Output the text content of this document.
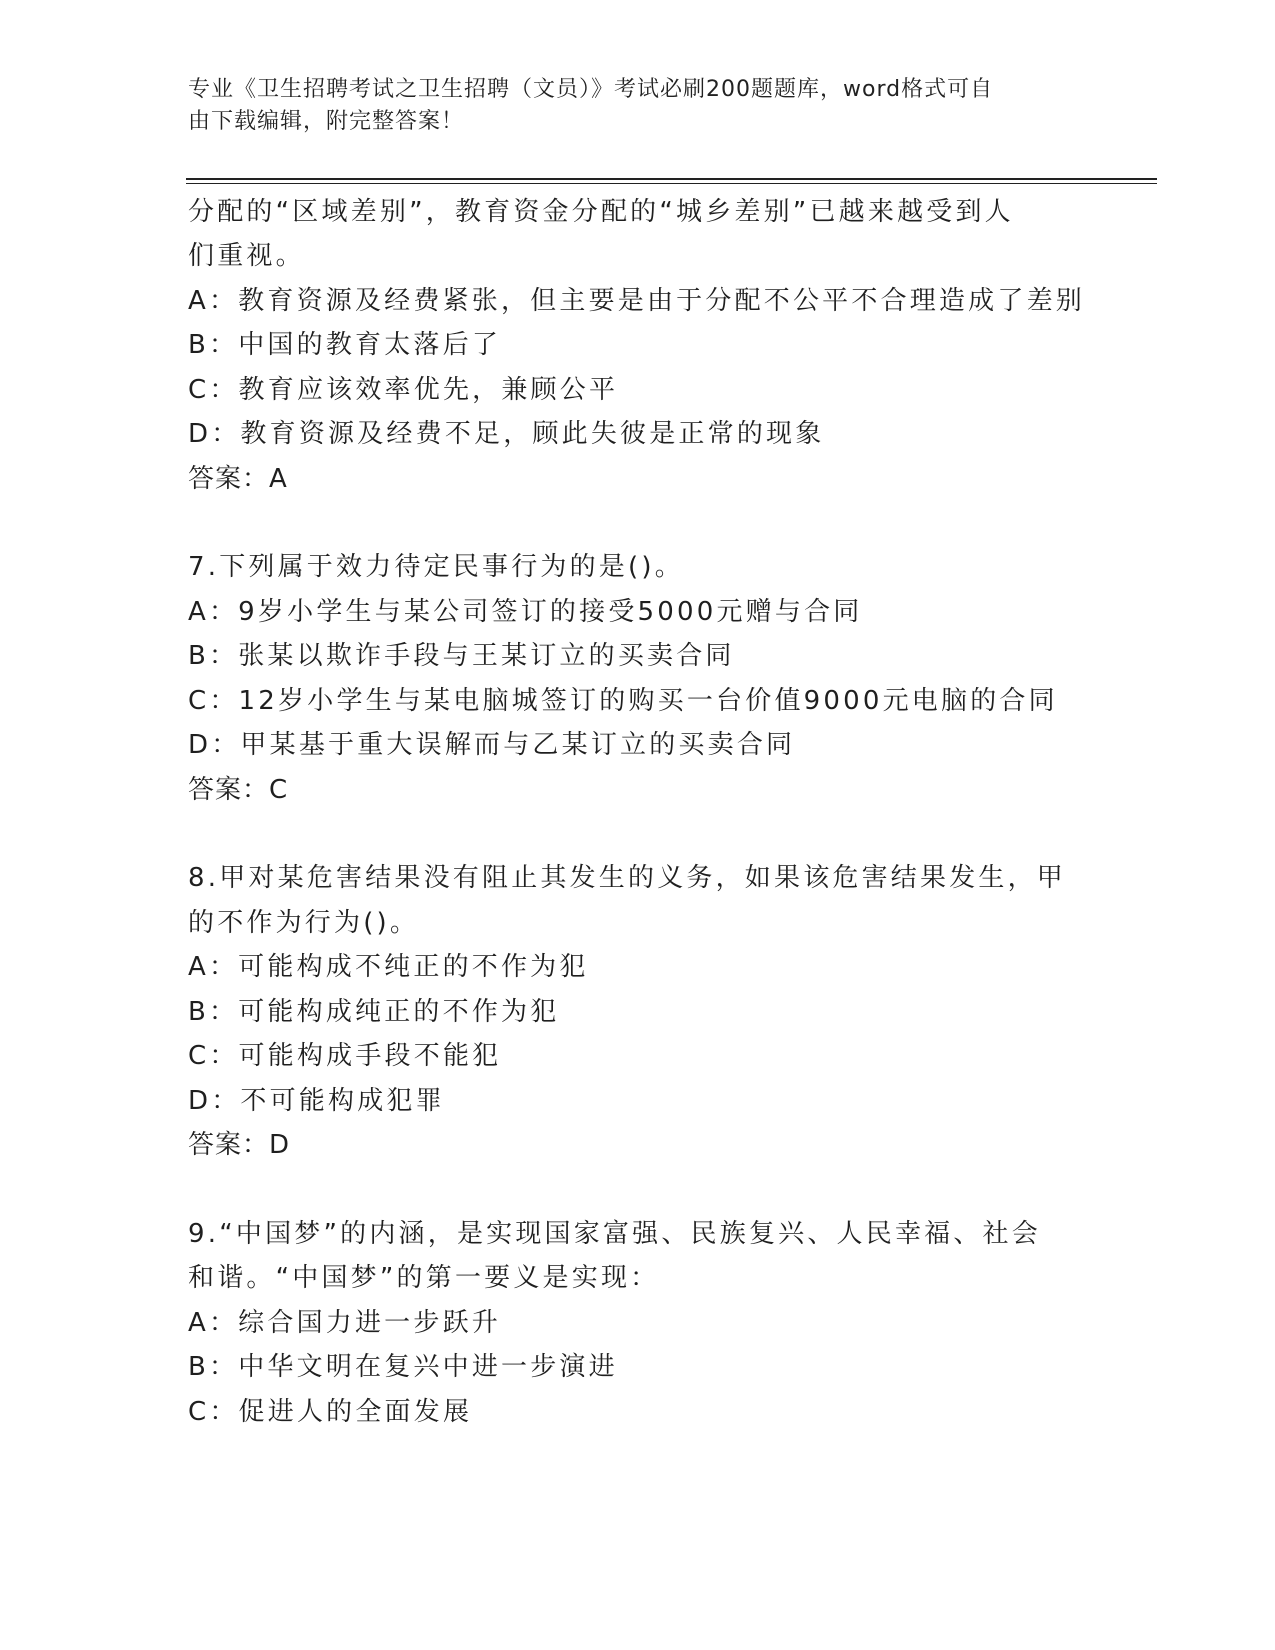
专业《卫生招聘考试之卫生招聘（文员）》考试必刷200题题库，word格式可自
由下载编辑，附完整答案！
分配的“区域差别”，教育资金分配的“城乡差别”已越来越受到人
们重视。
A：教育资源及经费紧张，但主要是由于分配不公平不合理造成了差别
B：中国的教育太落后了
C：教育应该效率优先，兼顾公平
D：教育资源及经费不足，顾此失彼是正常的现象
答案：A
7.下列属于效力待定民事行为的是()。
A：9岁小学生与某公司签订的接受5000元赠与合同
B：张某以欺诈手段与王某订立的买卖合同
C：12岁小学生与某电脑城签订的购买一台价值9000元电脑的合同
D：甲某基于重大误解而与乙某订立的买卖合同
答案：C
8.甲对某危害结果没有阻止其发生的义务，如果该危害结果发生，甲
的不作为行为()。
A：可能构成不纯正的不作为犯
B：可能构成纯正的不作为犯
C：可能构成手段不能犯
D：不可能构成犯罪
答案：D
9.“中国梦”的内涵，是实现国家富强、民族复兴、人民幸福、社会
和谐。“中国梦”的第一要义是实现：
A：综合国力进一步跃升
B：中华文明在复兴中进一步演进
C：促进人的全面发展
